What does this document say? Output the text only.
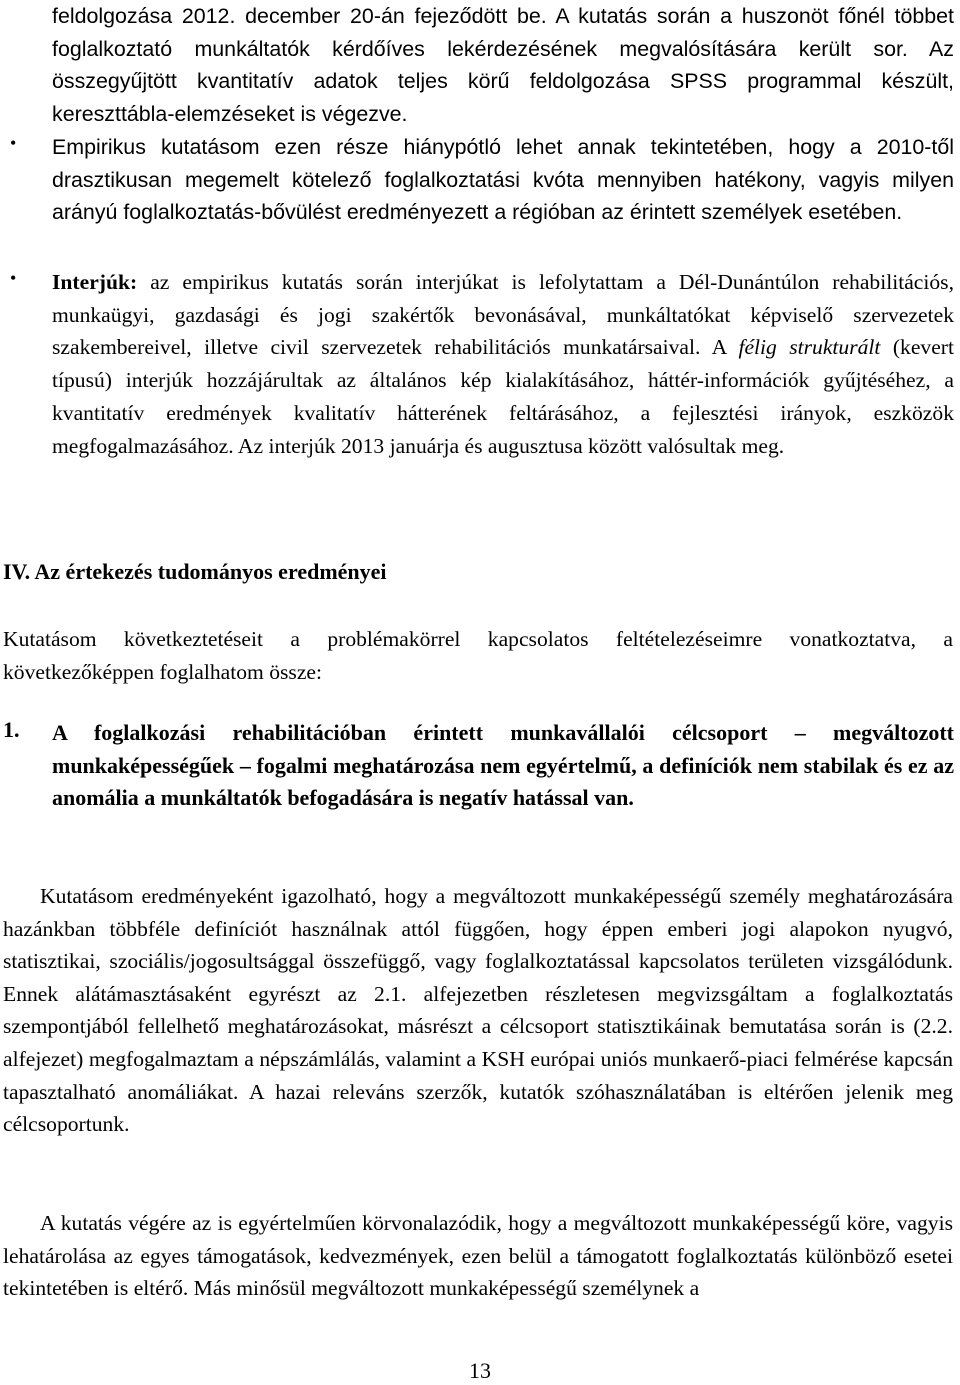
feldolgozása 2012. december 20-án fejeződött be. A kutatás során a huszonöt főnél többet foglalkoztató munkáltatók kérdőíves lekérdezésének megvalósítására került sor. Az összegyűjtött kvantitatív adatok teljes körű feldolgozása SPSS programmal készült, kereszttábla-elemzéseket is végezve.

• Empirikus kutatásom ezen része hiánypótló lehet annak tekintetében, hogy a 2010-től drasztikusan megemelt kötelező foglalkoztatási kvóta mennyiben hatékony, vagyis milyen arányú foglalkoztatás-bővülést eredményezett a régióban az érintett személyek esetében.

• Interjúk: az empirikus kutatás során interjúkat is lefolytattam a Dél-Dunántúlon rehabilitációs, munkaügyi, gazdasági és jogi szakértők bevonásával, munkáltatókat képviselő szervezetek szakembereivel, illetve civil szervezetek rehabilitációs munkatársaival. A félig strukturált (kevert típusú) interjúk hozzájárultak az általános kép kialakításához, háttér-információk gyűjtéséhez, a kvantitatív eredmények kvalitatív hátterének feltárásához, a fejlesztési irányok, eszközök megfogalmazásához. Az interjúk 2013 januárja és augusztusa között valósultak meg.

IV. Az értekezés tudományos eredményei

Kutatásom következtetéseit a problémakörrel kapcsolatos feltételezéseimre vonatkoztatva, a következőképpen foglalhatom össze:

1. A foglalkozási rehabilitációban érintett munkavállalói célcsoport – megváltozott munkaképességűek – fogalmi meghatározása nem egyértelmű, a definíciók nem stabilak és ez az anomália a munkáltatók befogadására is negatív hatással van.

Kutatásom eredményeként igazolható, hogy a megváltozott munkaképességű személy meghatározására hazánkban többféle definíciót használnak attól függően, hogy éppen emberi jogi alapokon nyugvó, statisztikai, szociális/jogosultsággal összefüggő, vagy foglalkoztatással kapcsolatos területen vizsgálódunk. Ennek alátámasztásaként egyrészt az 2.1. alfejezetben részletesen megvizsgáltam a foglalkoztatás szempontjából fellelhető meghatározásokat, másrészt a célcsoport statisztikáinak bemutatása során is (2.2. alfejezet) megfogalmaztam a népszámlálás, valamint a KSH európai uniós munkaerő-piaci felmérése kapcsán tapasztalható anomáliákat. A hazai releváns szerzők, kutatók szóhasználatában is eltérően jelenik meg célcsoportunk.

A kutatás végére az is egyértelműen körvonalazódik, hogy a megváltozott munkaképességű köre, vagyis lehatárolása az egyes támogatások, kedvezmények, ezen belül a támogatott foglalkoztatás különböző esetei tekintetében is eltérő. Más minősül megváltozott munkaképességű személynek a

13
